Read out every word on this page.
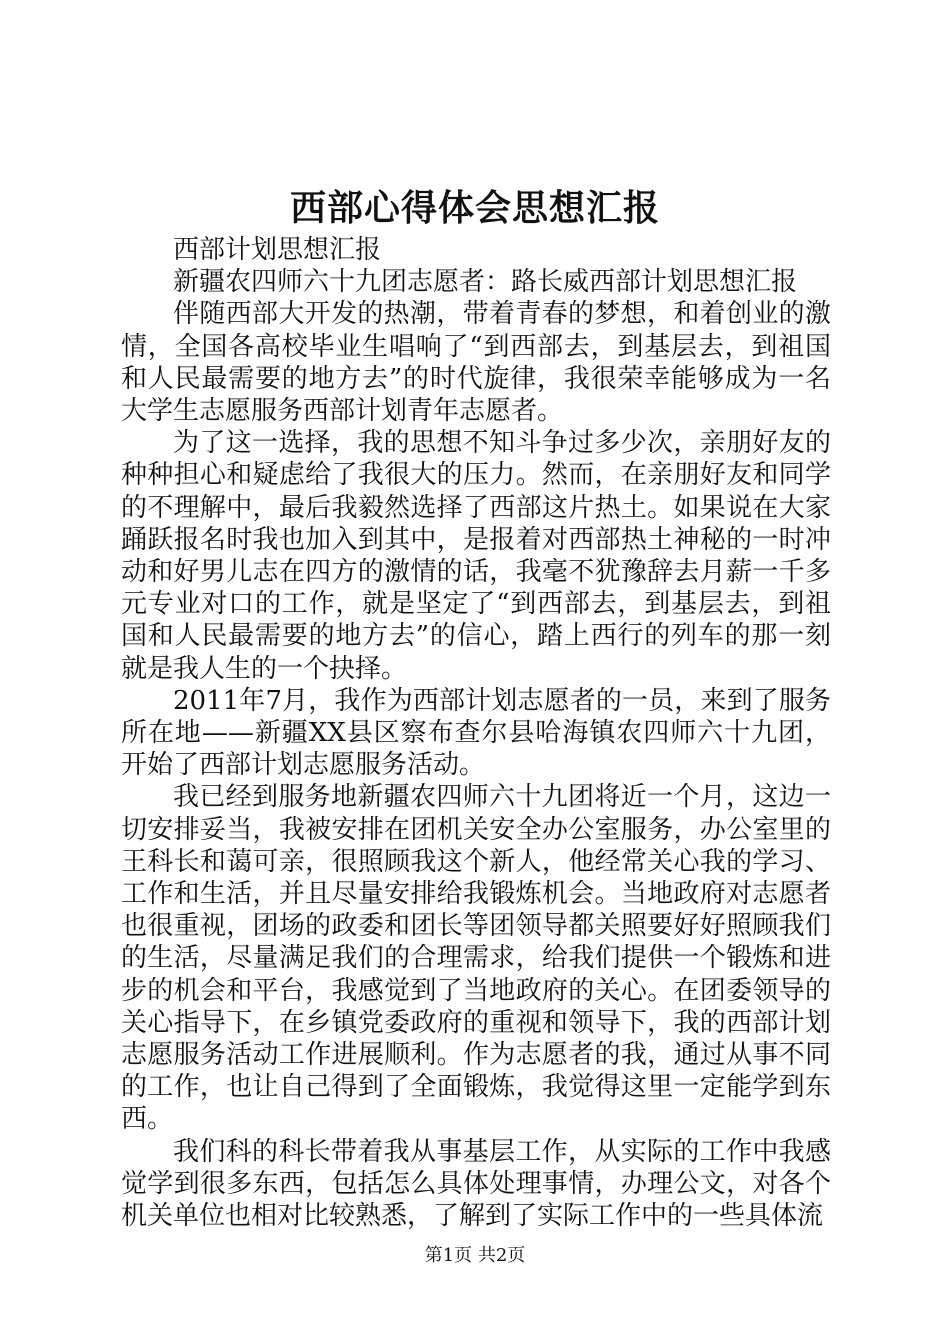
西部心得体会思想汇报

西部计划思想汇报

新疆农四师六十九团志愿者：路长威西部计划思想汇报

伴随西部大开发的热潮，带着青春的梦想，和着创业的激情，全国各高校毕业生唱响了“到西部去，到基层去，到祖国和人民最需要的地方去”的时代旋律，我很荣幸能够成为一名大学生志愿服务西部计划青年志愿者。

为了这一选择，我的思想不知斗争过多少次，亲朋好友的种种担心和疑虑给了我很大的压力。然而，在亲朋好友和同学的不理解中，最后我毅然选择了西部这片热土。如果说在大家踊跃报名时我也加入到其中，是报着对西部热土神秘的一时冲动和好男儿志在四方的激情的话，我毫不犹豫辞去月薪一千多元专业对口的工作，就是坚定了“到西部去，到基层去，到祖国和人民最需要的地方去”的信心，踏上西行的列车的那一刻就是我人生的一个抉择。

2011年7月，我作为西部计划志愿者的一员，来到了服务所在地——新疆XX县区察布查尔县哈海镇农四师六十九团，开始了西部计划志愿服务活动。

我已经到服务地新疆农四师六十九团将近一个月，这边一切安排妥当，我被安排在团机关安全办公室服务，办公室里的王科长和蔼可亲，很照顾我这个新人，他经常关心我的学习、工作和生活，并且尽量安排给我锻炼机会。当地政府对志愿者也很重视，团场的政委和团长等团领导都关照要好好照顾我们的生活，尽量满足我们的合理需求，给我们提供一个锻炼和进步的机会和平台，我感觉到了当地政府的关心。在团委领导的关心指导下，在乡镇党委政府的重视和领导下，我的西部计划志愿服务活动工作进展顺利。作为志愿者的我，通过从事不同的工作，也让自己得到了全面锻炼，我觉得这里一定能学到东西。

我们科的科长带着我从事基层工作，从实际的工作中我感觉学到很多东西，包括怎么具体处理事情，办理公文，对各个机关单位也相对比较熟悉，了解到了实际工作中的一些具体流

第1页 共2页
